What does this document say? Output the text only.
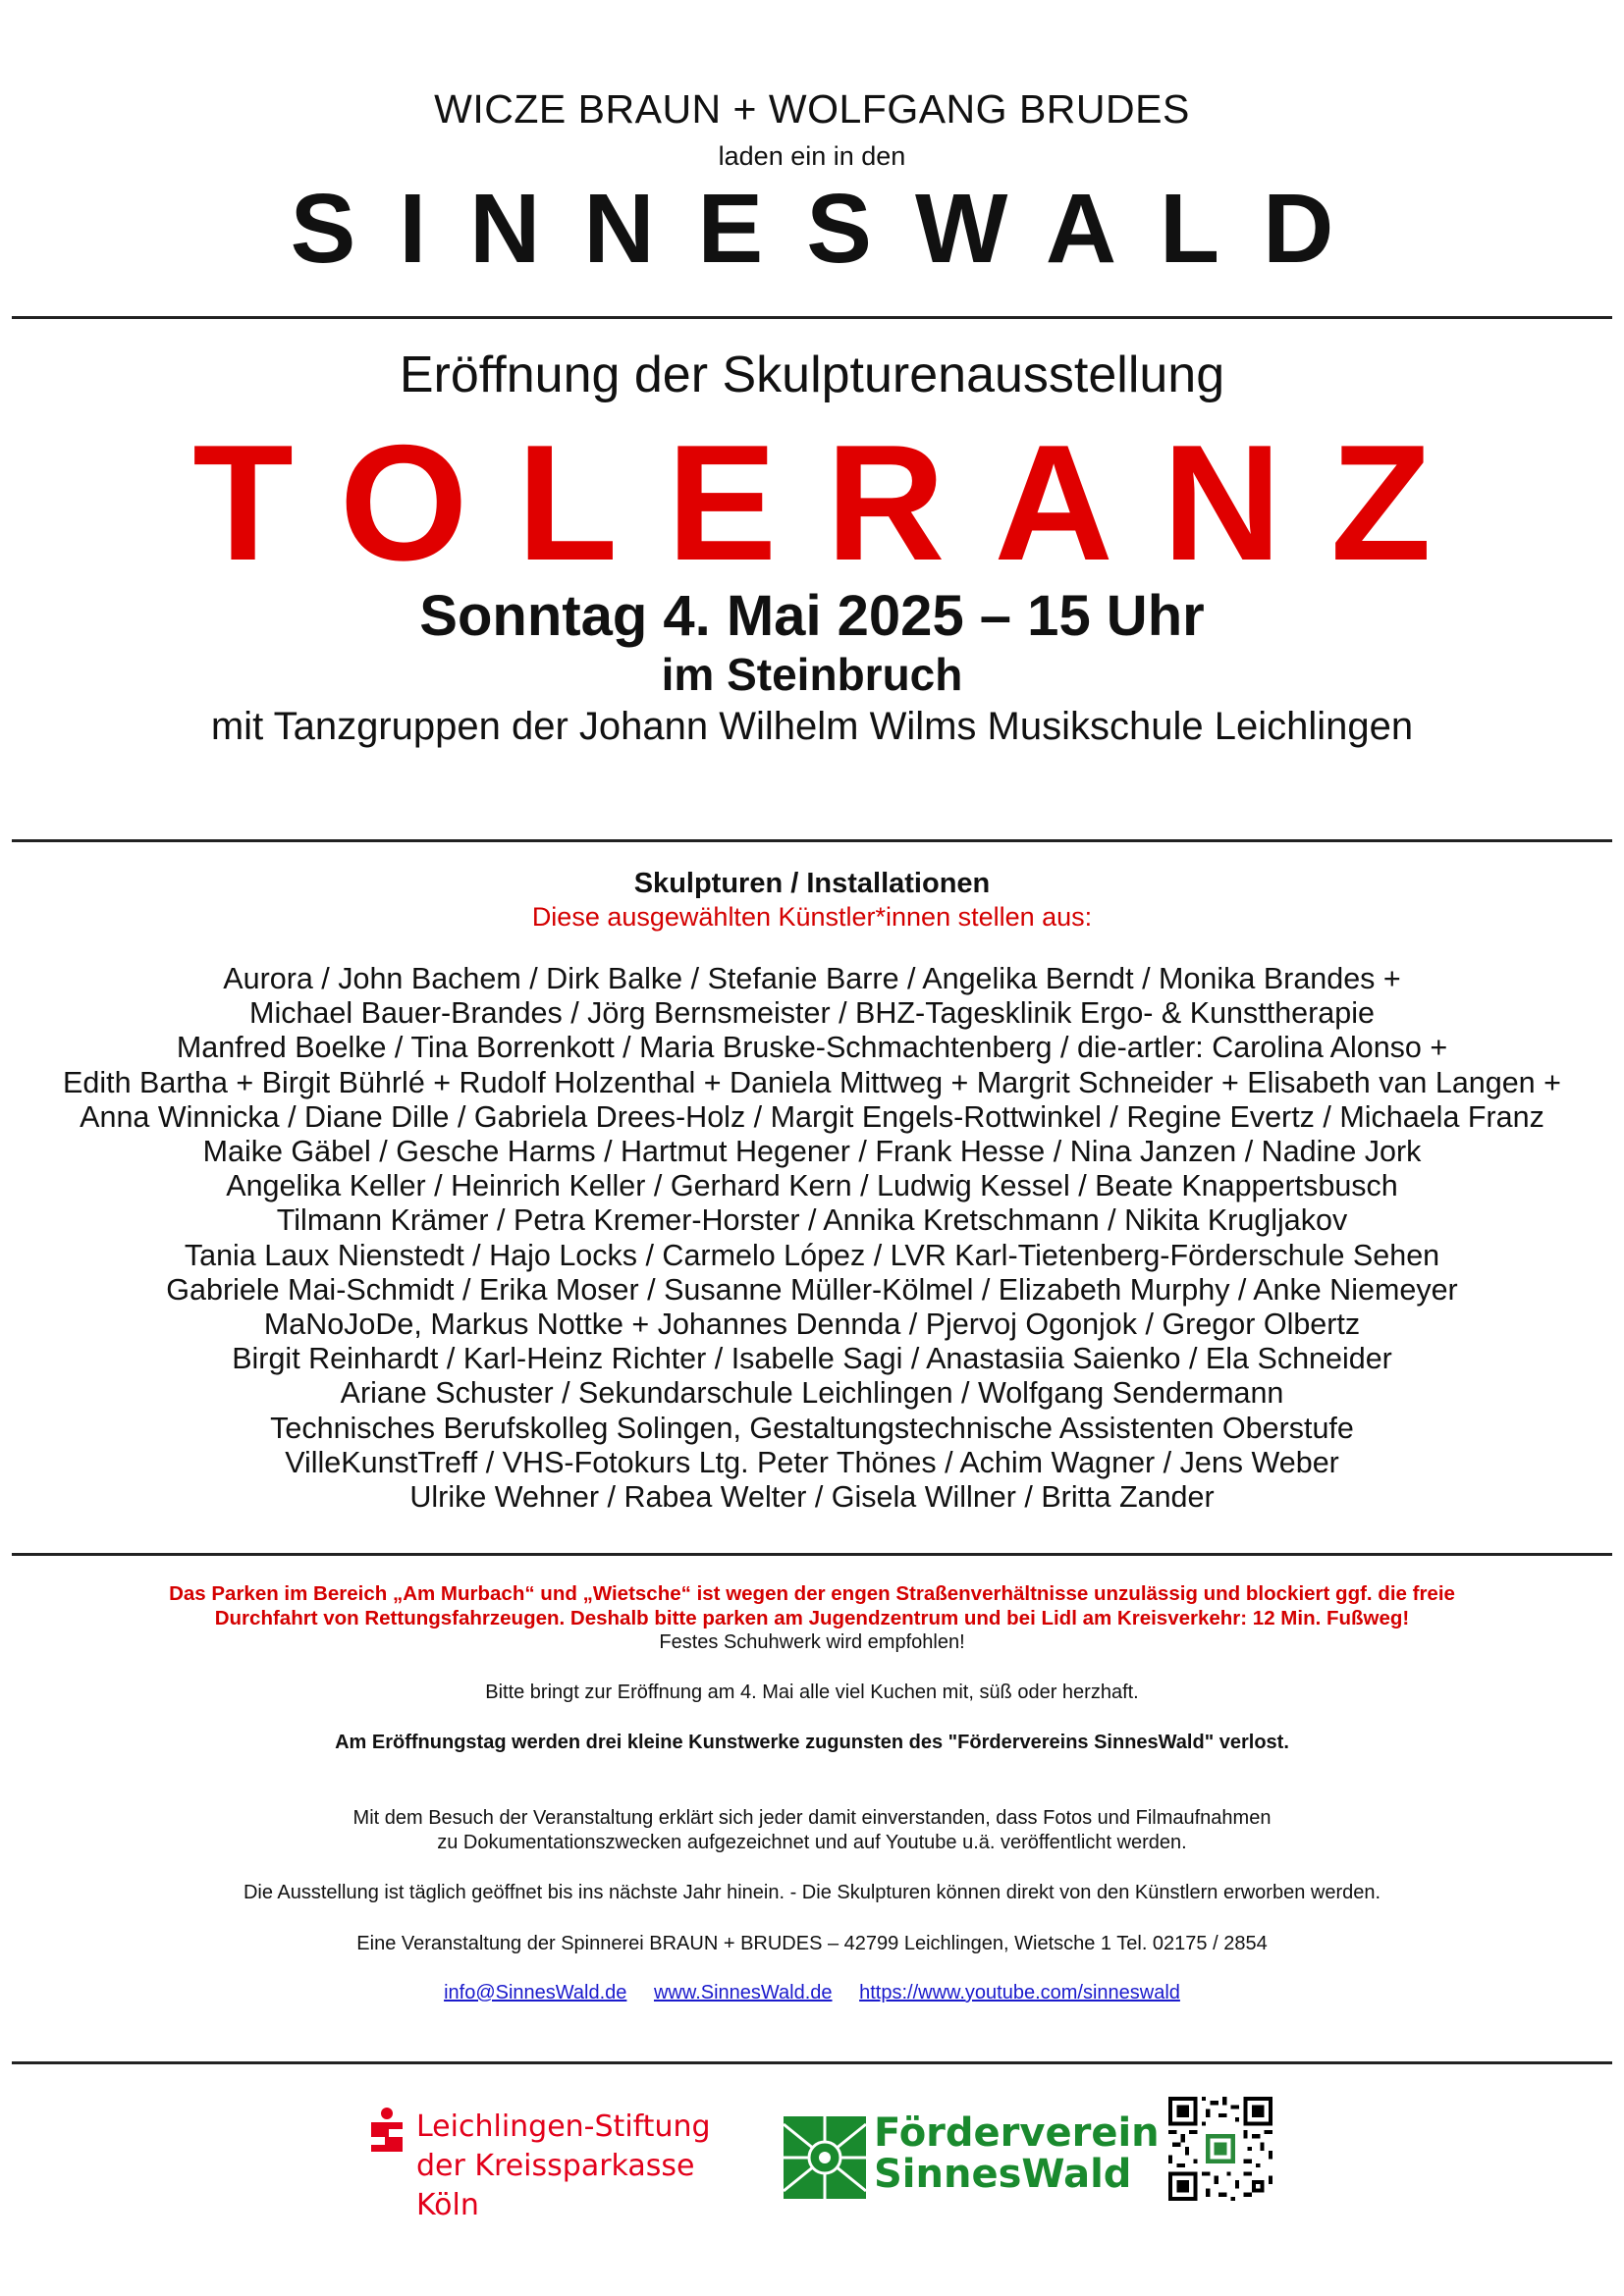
WICZE BRAUN + WOLFGANG BRUDES
laden ein in den
SINNESWALD
Eröffnung der Skulpturenausstellung
TOLERANZ
Sonntag 4. Mai 2025 – 15 Uhr
im Steinbruch
mit Tanzgruppen der Johann Wilhelm Wilms Musikschule Leichlingen
Skulpturen / Installationen
Diese ausgewählten Künstler*innen stellen aus:
Aurora / John Bachem / Dirk Balke / Stefanie Barre / Angelika Berndt / Monika Brandes +
Michael Bauer-Brandes / Jörg Bernsmeister / BHZ-Tagesklinik Ergo- & Kunsttherapie
Manfred Boelke / Tina Borrenkott / Maria Bruske-Schmachtenberg / die-artler: Carolina Alonso +
Edith Bartha + Birgit Bührlé + Rudolf Holzenthal + Daniela Mittweg + Margrit Schneider + Elisabeth van Langen +
Anna Winnicka / Diane Dille / Gabriela Drees-Holz / Margit Engels-Rottwinkel / Regine Evertz / Michaela Franz
Maike Gäbel / Gesche Harms / Hartmut Hegener / Frank Hesse / Nina Janzen / Nadine Jork
Angelika Keller / Heinrich Keller / Gerhard Kern / Ludwig Kessel / Beate Knappertsbusch
Tilmann Krämer / Petra Kremer-Horster / Annika Kretschmann / Nikita Krugljakov
Tania Laux Nienstedt / Hajo Locks / Carmelo López / LVR Karl-Tietenberg-Förderschule Sehen
Gabriele Mai-Schmidt / Erika Moser / Susanne Müller-Kölmel / Elizabeth Murphy / Anke Niemeyer
MaNoJoDe, Markus Nottke + Johannes Dennda / Pjervoj Ogonjok / Gregor Olbertz
Birgit Reinhardt / Karl-Heinz Richter / Isabelle Sagi / Anastasiia Saienko / Ela Schneider
Ariane Schuster / Sekundarschule Leichlingen / Wolfgang Sendermann
Technisches Berufskolleg Solingen, Gestaltungstechnische Assistenten Oberstufe
VilleKunstTreff / VHS-Fotokurs Ltg. Peter Thönes / Achim Wagner / Jens Weber
Ulrike Wehner / Rabea Welter / Gisela Willner / Britta Zander
Das Parken im Bereich „Am Murbach“ und „Wietsche“ ist wegen der engen Straßenverhältnisse unzulässig und blockiert ggf. die freie
Durchfahrt von Rettungsfahrzeugen. Deshalb bitte parken am Jugendzentrum und bei Lidl am Kreisverkehr: 12 Min. Fußweg!
Festes Schuhwerk wird empfohlen!
Bitte bringt zur Eröffnung am 4. Mai alle viel Kuchen mit, süß oder herzhaft.
Am Eröffnungstag werden drei kleine Kunstwerke zugunsten des "Fördervereins SinnesWald" verlost.
Mit dem Besuch der Veranstaltung erklärt sich jeder damit einverstanden, dass Fotos und Filmaufnahmen
zu Dokumentationszwecken aufgezeichnet und auf Youtube u.ä. veröffentlicht werden.
Die Ausstellung ist täglich geöffnet bis ins nächste Jahr hinein. - Die Skulpturen können direkt von den Künstlern erworben werden.
Eine Veranstaltung der Spinnerei BRAUN + BRUDES – 42799 Leichlingen, Wietsche 1 Tel. 02175 / 2854
info@SinnesWald.de www.SinnesWald.de https://www.youtube.com/sinneswald
Leichlingen-Stiftung
der Kreissparkasse Köln
Förderverein
SinnesWald
